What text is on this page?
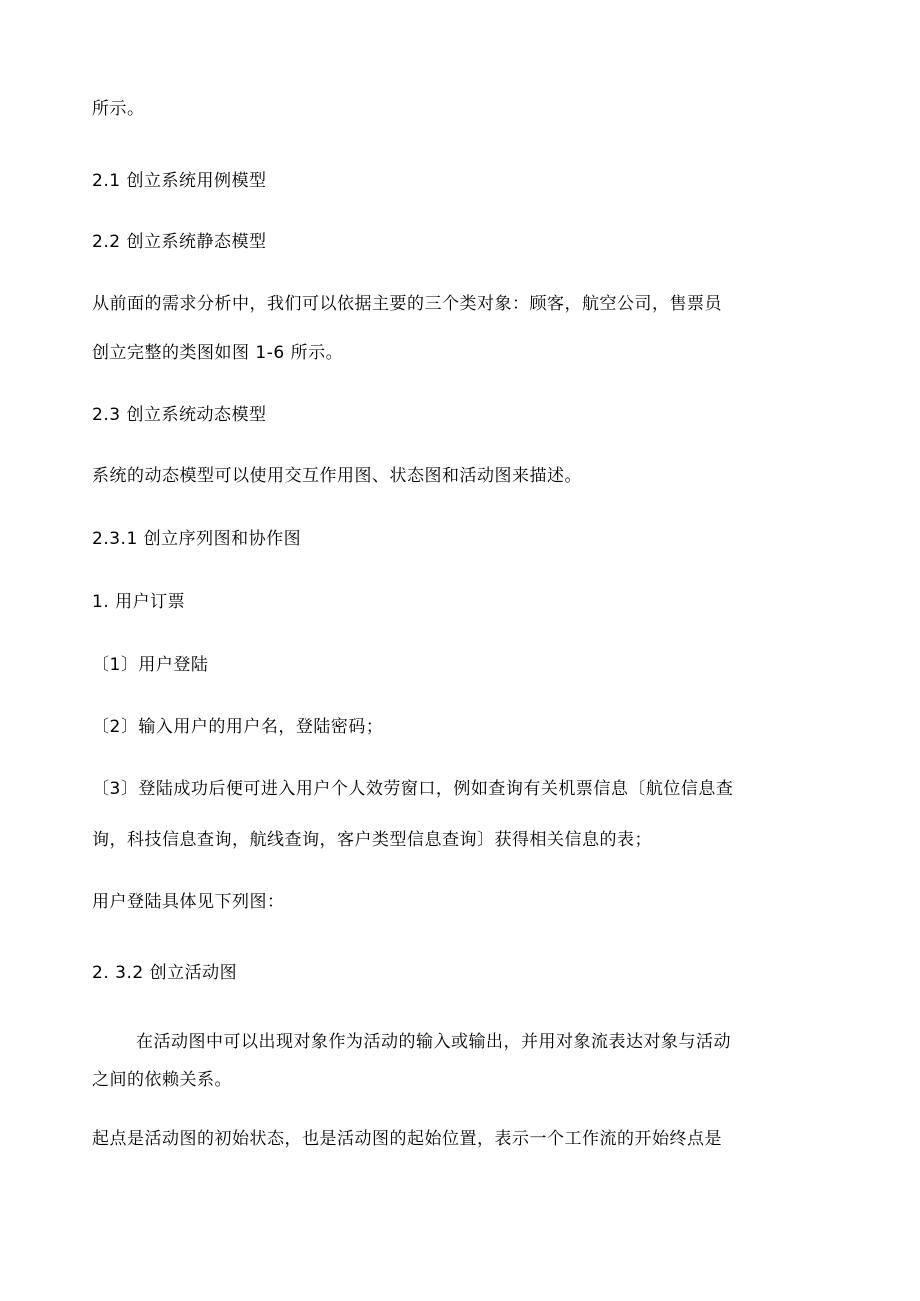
所示。
2.1 创立系统用例模型
2.2 创立系统静态模型
从前面的需求分析中，我们可以依据主要的三个类对象：顾客，航空公司，售票员
创立完整的类图如图 1-6 所示。
2.3 创立系统动态模型
系统的动态模型可以使用交互作用图、状态图和活动图来描述。
2.3.1 创立序列图和协作图
1. 用户订票
〔1〕用户登陆
〔2〕输入用户的用户名，登陆密码；
〔3〕登陆成功后便可进入用户个人效劳窗口，例如查询有关机票信息〔航位信息查
询，科技信息查询，航线查询，客户类型信息查询〕获得相关信息的表；
用户登陆具体见下列图：
2. 3.2 创立活动图
在活动图中可以出现对象作为活动的输入或输出，并用对象流表达对象与活动
之间的依赖关系。
起点是活动图的初始状态，也是活动图的起始位置，表示一个工作流的开始终点是
